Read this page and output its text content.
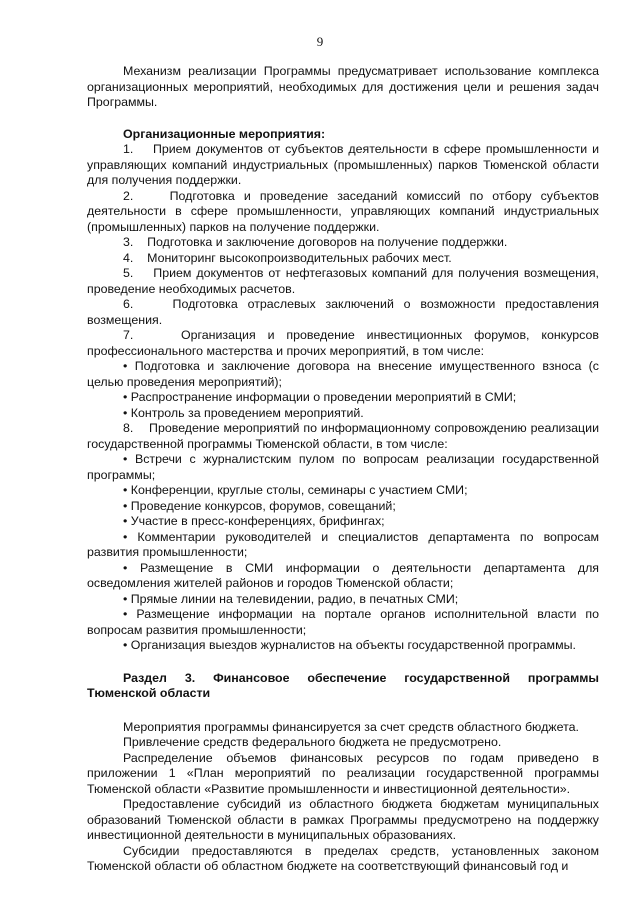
9

Механизм реализации Программы предусматривает использование комплекса организационных мероприятий, необходимых для достижения цели и решения задач Программы.

Организационные мероприятия:

1.    Прием документов от субъектов деятельности в сфере промышленности и управляющих компаний индустриальных (промышленных) парков Тюменской области для получения поддержки.

2.    Подготовка и проведение заседаний комиссий по отбору субъектов деятельности в сфере промышленности, управляющих компаний индустриальных (промышленных) парков на получение поддержки.

3.    Подготовка и заключение договоров на получение поддержки.

4.    Мониторинг высокопроизводительных рабочих мест.

5.    Прием документов от нефтегазовых компаний для получения возмещения, проведение необходимых расчетов.

6.    Подготовка отраслевых заключений о возможности предоставления возмещения.

7.    Организация и проведение инвестиционных форумов, конкурсов профессионального мастерства и прочих мероприятий, в том числе:

• Подготовка и заключение договора на внесение имущественного взноса (с целью проведения мероприятий);

• Распространение информации о проведении мероприятий в СМИ;

• Контроль за проведением мероприятий.

8.    Проведение мероприятий по информационному сопровождению реализации государственной программы Тюменской области, в том числе:

• Встречи с журналистским пулом по вопросам реализации государственной программы;

• Конференции, круглые столы, семинары с участием СМИ;

• Проведение конкурсов, форумов, совещаний;

• Участие в пресс-конференциях, брифингах;

• Комментарии руководителей и специалистов департамента по вопросам развития промышленности;

• Размещение в СМИ информации о деятельности департамента для осведомления жителей районов и городов Тюменской области;

• Прямые линии на телевидении, радио, в печатных СМИ;

• Размещение информации на портале органов исполнительной власти по вопросам развития промышленности;

• Организация выездов журналистов на объекты государственной программы.

Раздел 3. Финансовое обеспечение государственной программы Тюменской области

Мероприятия программы финансируется за счет средств областного бюджета.

Привлечение средств федерального бюджета не предусмотрено.

Распределение объемов финансовых ресурсов по годам приведено в приложении 1 «План мероприятий по реализации государственной программы Тюменской области «Развитие промышленности и инвестиционной деятельности».

Предоставление субсидий из областного бюджета бюджетам муниципальных образований Тюменской области в рамках Программы предусмотрено на поддержку инвестиционной деятельности в муниципальных образованиях.

Субсидии предоставляются в пределах средств, установленных законом Тюменской области об областном бюджете на соответствующий финансовый год и
